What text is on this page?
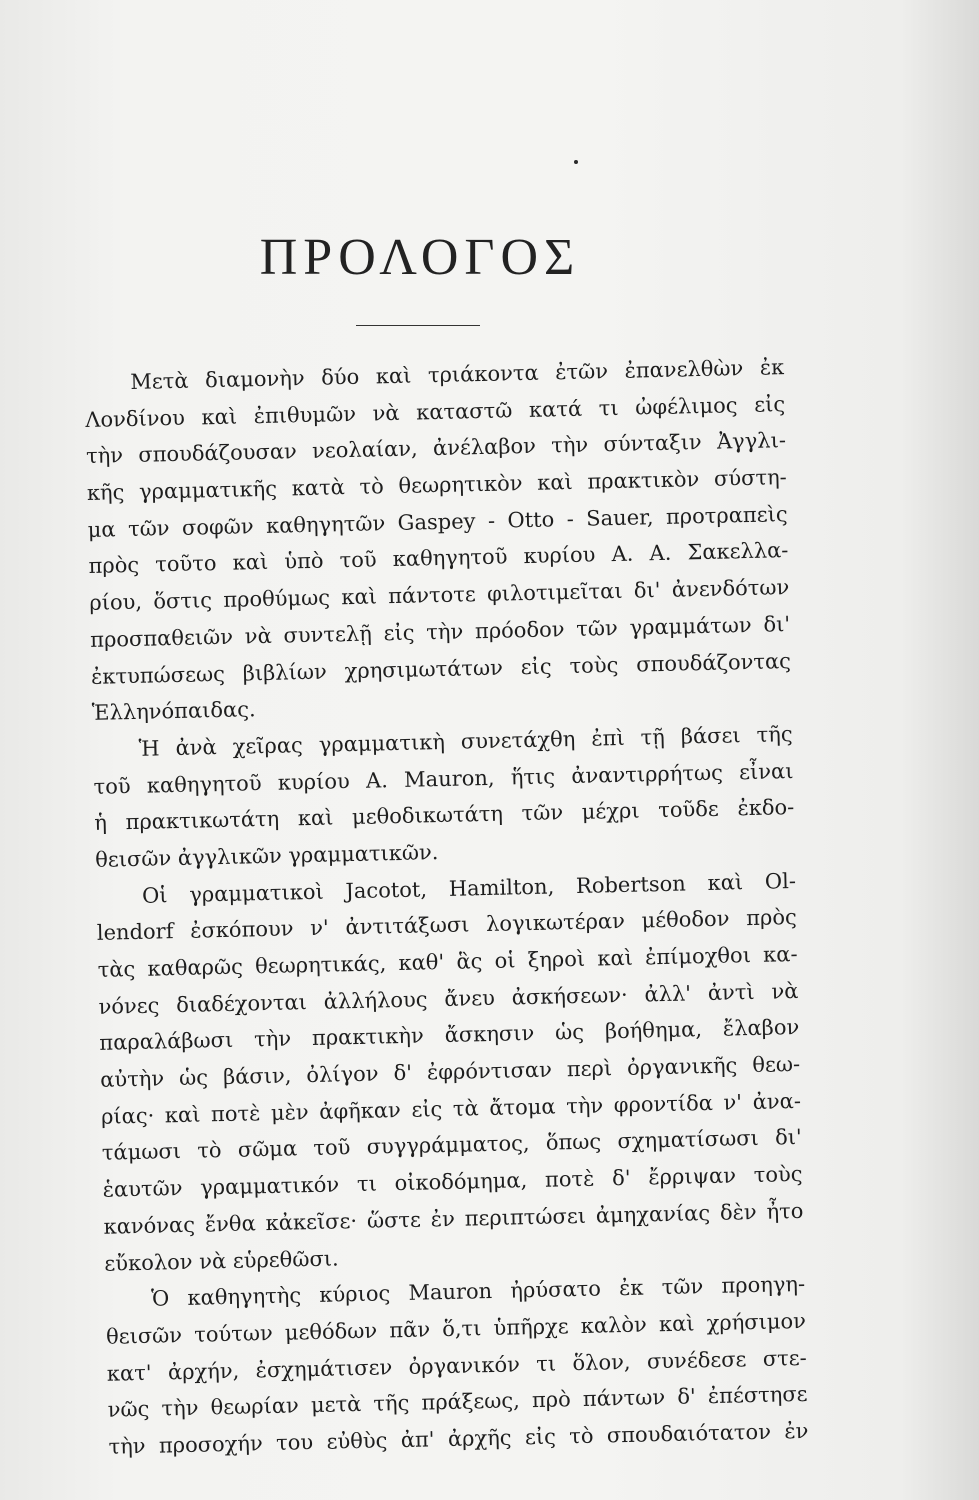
ΠΡΟΛΟΓΟΣ
Μετὰ διαμονὴν δύο καὶ τριάκοντα ἐτῶν ἐπανελθὼν ἐκ
Λονδίνου καὶ ἐπιθυμῶν νὰ καταστῶ κατά τι ὠφέλιμος εἰς
τὴν σπουδάζουσαν νεολαίαν, ἀνέλαβον τὴν σύνταξιν Ἀγγλι-
κῆς γραμματικῆς κατὰ τὸ θεωρητικὸν καὶ πρακτικὸν σύστη-
μα τῶν σοφῶν καθηγητῶν Gaspey - Otto - Sauer, προτραπεὶς
πρὸς τοῦτο καὶ ὑπὸ τοῦ καθηγητοῦ κυρίου Α. Α. Σακελλα-
ρίου, ὅστις προθύμως καὶ πάντοτε φιλοτιμεῖται δι' ἀνενδότων
προσπαθειῶν νὰ συντελῇ εἰς τὴν πρόοδον τῶν γραμμάτων δι'
ἐκτυπώσεως βιβλίων χρησιμωτάτων εἰς τοὺς σπουδάζοντας
Ἑλληνόπαιδας.
Ἡ ἀνὰ χεῖρας γραμματικὴ συνετάχθη ἐπὶ τῇ βάσει τῆς
τοῦ καθηγητοῦ κυρίου Α. Mauron, ἥτις ἀναντιρρήτως εἶναι
ἡ πρακτικωτάτη καὶ μεθοδικωτάτη τῶν μέχρι τοῦδε ἐκδο-
θεισῶν ἀγγλικῶν γραμματικῶν.
Οἱ γραμματικοὶ Jacotot, Hamilton, Robertson καὶ Ol-
lendorf ἐσκόπουν ν' ἀντιτάξωσι λογικωτέραν μέθοδον πρὸς
τὰς καθαρῶς θεωρητικάς, καθ' ἃς οἱ ξηροὶ καὶ ἐπίμοχθοι κα-
νόνες διαδέχονται ἀλλήλους ἄνευ ἀσκήσεων· ἀλλ' ἀντὶ νὰ
παραλάβωσι τὴν πρακτικὴν ἄσκησιν ὡς βοήθημα, ἔλαβον
αὐτὴν ὡς βάσιν, ὀλίγον δ' ἐφρόντισαν περὶ ὀργανικῆς θεω-
ρίας· καὶ ποτὲ μὲν ἀφῆκαν εἰς τὰ ἄτομα τὴν φροντίδα ν' ἀνα-
τάμωσι τὸ σῶμα τοῦ συγγράμματος, ὅπως σχηματίσωσι δι'
ἑαυτῶν γραμματικόν τι οἰκοδόμημα, ποτὲ δ' ἔρριψαν τοὺς
κανόνας ἔνθα κἀκεῖσε· ὥστε ἐν περιπτώσει ἀμηχανίας δὲν ἦτο
εὔκολον νὰ εὑρεθῶσι.
Ὁ καθηγητὴς κύριος Mauron ἠρύσατο ἐκ τῶν προηγη-
θεισῶν τούτων μεθόδων πᾶν ὅ,τι ὑπῆρχε καλὸν καὶ χρήσιμον
κατ' ἀρχήν, ἐσχημάτισεν ὀργανικόν τι ὅλον, συνέδεσε στε-
νῶς τὴν θεωρίαν μετὰ τῆς πράξεως, πρὸ πάντων δ' ἐπέστησε
τὴν προσοχήν του εὐθὺς ἀπ' ἀρχῆς εἰς τὸ σπουδαιότατον ἐν
